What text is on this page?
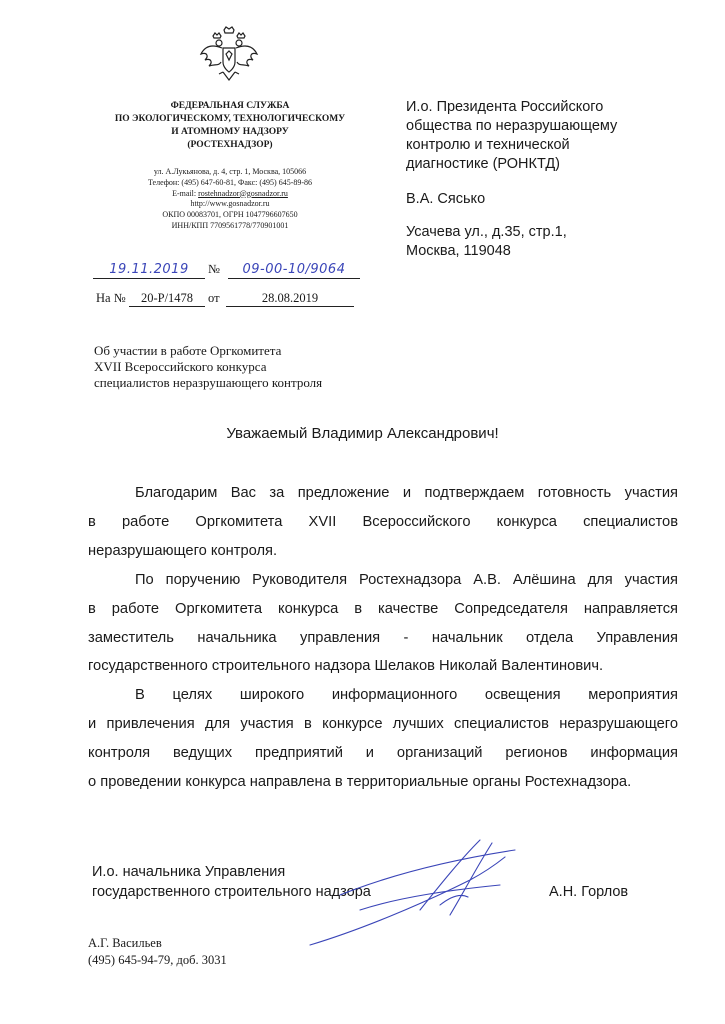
ФЕДЕРАЛЬНАЯ СЛУЖБА
ПО ЭКОЛОГИЧЕСКОМУ, ТЕХНОЛОГИЧЕСКОМУ
И АТОМНОМУ НАДЗОРУ
(РОСТЕХНАДЗОР)
ул. А.Лукьянова, д. 4, стр. 1, Москва, 105066
Телефон: (495) 647-60-81, Факс: (495) 645-89-86
E-mail: rostehnadzor@gosnadzor.ru
http://www.gosnadzor.ru
ОКПО 00083701, ОГРН 1047796607650
ИНН/КПП 7709561778/770901001
19.11.2019	№	09-00-10/9064
На №	20-Р/1478	от	28.08.2019
И.о. Президента Российского
общества по неразрушающему
контролю и технической
диагностике (РОНКТД)
В.А. Сясько
Усачева ул., д.35, стр.1,
Москва, 119048
Об участии в работе Оргкомитета
XVII Всероссийского конкурса
специалистов неразрушающего контроля
Уважаемый Владимир Александрович!

Благодарим Вас за предложение и подтверждаем готовность участия
в работе Оргкомитета XVII Всероссийского конкурса специалистов
неразрушающего контроля.

По поручению Руководителя Ростехнадзора А.В. Алёшина для участия
в работе Оргкомитета конкурса в качестве Сопредседателя направляется
заместитель начальника управления - начальник отдела Управления
государственного строительного надзора Шелаков Николай Валентинович.

В целях широкого информационного освещения мероприятия
и привлечения для участия в конкурсе лучших специалистов неразрушающего
контроля ведущих предприятий и организаций регионов информация
о проведении конкурса направлена в территориальные органы Ростехнадзора.

И.о. начальника Управления
государственного строительного надзора	А.Н. Горлов
А.Г. Васильев
(495) 645-94-79, доб. 3031
